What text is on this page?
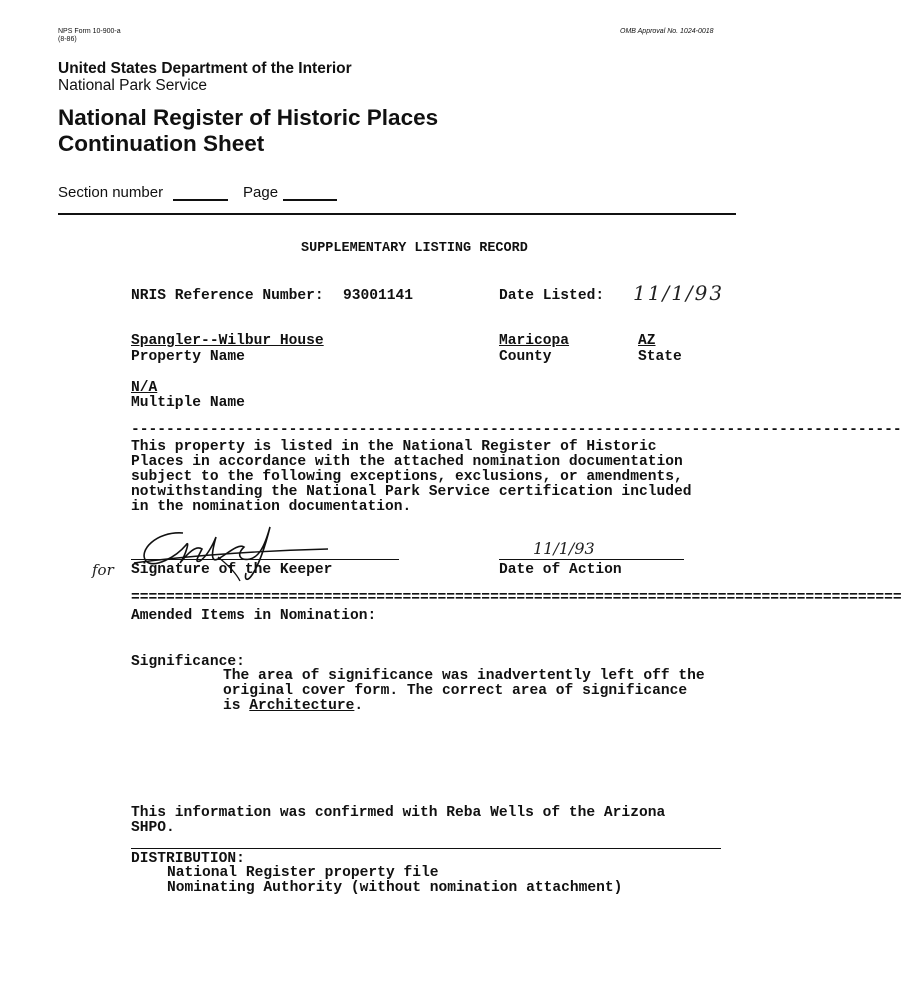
NPS Form 10-900-a
(8-86)
OMB Approval No. 1024-0018
United States Department of the Interior
National Park Service
National Register of Historic Places
Continuation Sheet
Section number	Page
SUPPLEMENTARY LISTING RECORD
NRIS Reference Number: 93001141	Date Listed: 11/1/93
Spangler--Wilbur House
Property Name
Maricopa
County
AZ
State
N/A
Multiple Name
----------------------------------------------------------------------------------------
This property is listed in the National Register of Historic
Places in accordance with the attached nomination documentation
subject to the following exceptions, exclusions, or amendments,
notwithstanding the National Park Service certification included
in the nomination documentation.
for Signature of the Keeper
11/1/93
Date of Action
========================================================================================
Amended Items in Nomination:
Significance:
The area of significance was inadvertently left off the
original cover form. The correct area of significance
is Architecture.
This information was confirmed with Reba Wells of the Arizona
SHPO.
DISTRIBUTION:
National Register property file
Nominating Authority (without nomination attachment)
